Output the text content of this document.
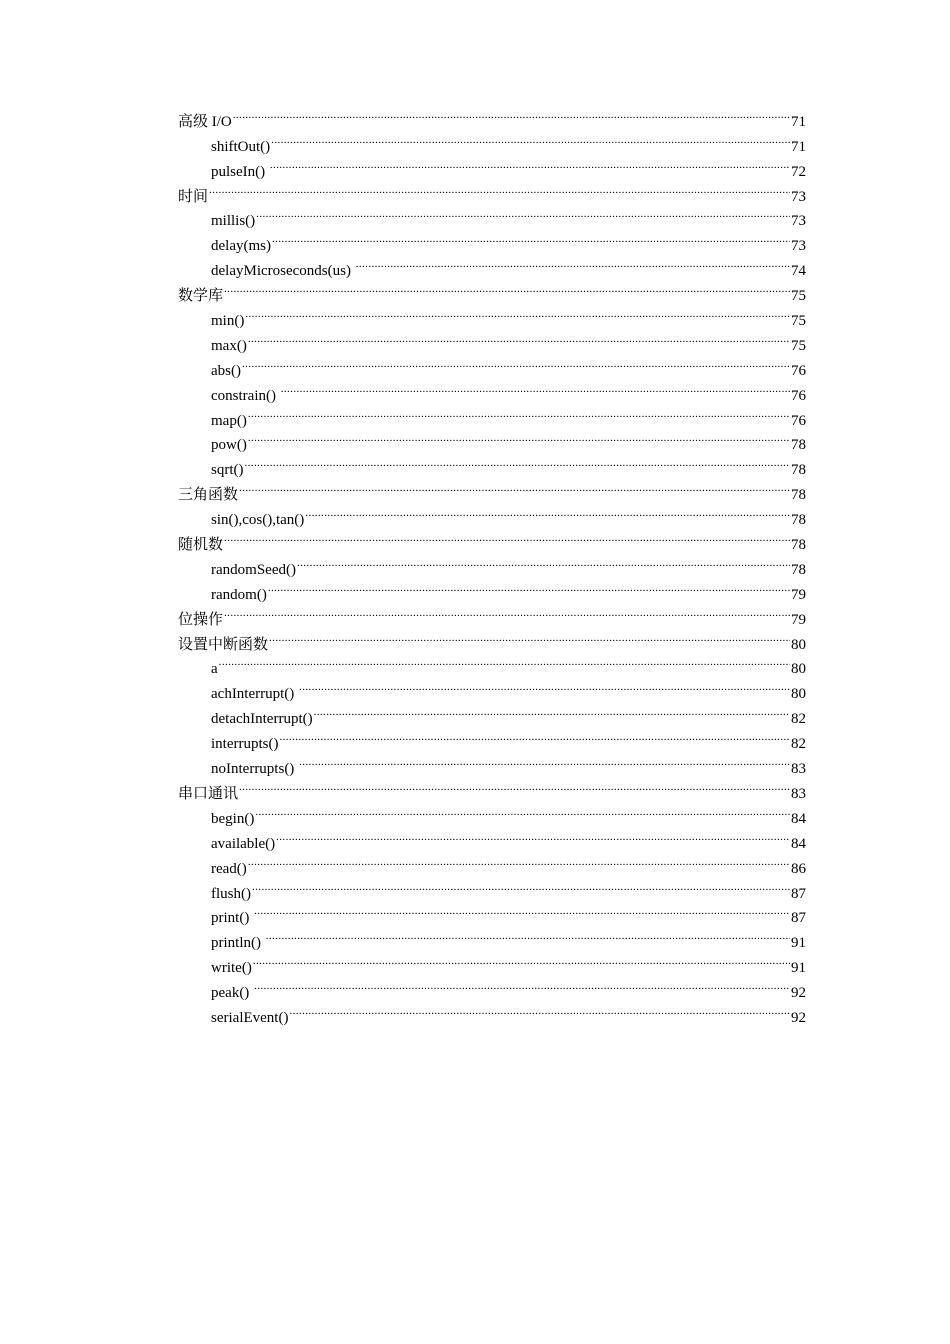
高级 I/O .....	71
shiftOut() .....	71
pulseIn() .....	72
时间 .....	73
millis() .....	73
delay(ms) .....	73
delayMicroseconds(us) .....	74
数学库 .....	75
min() .....	75
max() .....	75
abs() .....	76
constrain() .....	76
map() .....	76
pow() .....	78
sqrt() .....	78
三角函数 .....	78
sin(),cos(),tan() .....	78
随机数 .....	78
randomSeed() .....	78
random() .....	79
位操作 .....	79
设置中断函数 .....	80
a .....	80
achInterrupt() .....	80
detachInterrupt() .....	82
interrupts() .....	82
noInterrupts() .....	83
串口通讯 .....	83
begin() .....	84
available() .....	84
read() .....	86
flush() .....	87
print() .....	87
println() .....	91
write() .....	91
peak() .....	92
serialEvent() .....	92
